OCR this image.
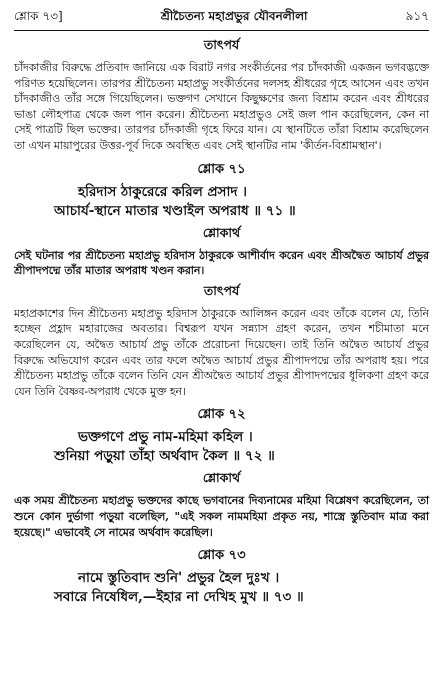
শ্লোক ৭৩]	শ্রীচৈতন্য মহাপ্রভুর যৌবনলীলা	৯১৭
তাৎপর্য

চাঁদকাজীর বিরুদ্ধে প্রতিবাদ জানিয়ে এক বিরাট নগর সংকীর্তনের পর চাঁদকাজী একজন ভগবদ্ভক্তে পরিণত হয়েছিলেন। তারপর শ্রীচৈতন্য মহাপ্রভু সংকীর্তনের দলসহ শ্রীধরের গৃহে আসেন এবং তখন চাঁদকাজীও তাঁর সঙ্গে গিয়েছিলেন। ভক্তগণ সেখানে কিছুক্ষণের জন্য বিশ্রাম করেন এবং শ্রীধরের ভাঙা লৌহপাত্র থেকে জল পান করেন। শ্রীচৈতন্য মহাপ্রভুও সেই জল পান করেছিলেন, কেন না সেই পাত্রটি ছিল ভক্তের। তারপর চাঁদকাজী গৃহে ফিরে যান। যে স্থানটিতে তাঁরা বিশ্রাম করেছিলেন তা এখন মায়াপুরের উত্তর-পূর্ব দিকে অবস্থিত এবং সেই স্থানটির নাম 'কীর্তন-বিশ্রামস্থান'।

শ্লোক ৭১

হরিদাস ঠাকুরেরে করিল প্রসাদ ।

আচার্য-স্থানে মাতার খণ্ডাইল অপরাধ ॥ ৭১ ॥

শ্লোকার্থ

সেই ঘটনার পর শ্রীচৈতন্য মহাপ্রভু হরিদাস ঠাকুরকে আশীর্বাদ করেন এবং শ্রীঅদ্বৈত আচার্য প্রভুর শ্রীপাদপদ্মে তাঁর মাতার অপরাধ খণ্ডন করান।

তাৎপর্য

মহাপ্রকাশের দিন শ্রীচৈতন্য মহাপ্রভু হরিদাস ঠাকুরকে আলিঙ্গন করেন এবং তাঁকে বলেন যে, তিনি হচ্ছেন প্রহ্লাদ মহারাজের অবতার। বিশ্বরূপ যখন সন্ন্যাস গ্রহণ করেন, তখন শচীমাতা মনে করেছিলেন যে, অদ্বৈত আচার্য প্রভু তাঁকে প্ররোচনা দিয়েছেন। তাই তিনি অদ্বৈত আচার্য প্রভুর বিরুদ্ধে অভিযোগ করেন এবং তার ফলে অদ্বৈত আচার্য প্রভুর শ্রীপাদপদ্মে তাঁর অপরাধ হয়। পরে শ্রীচৈতন্য মহাপ্রভু তাঁকে বলেন তিনি যেন শ্রীঅদ্বৈত আচার্য প্রভুর শ্রীপাদপদ্মের ধূলিকণা গ্রহণ করে যেন তিনি বৈষ্ণব-অপরাধ থেকে মুক্ত হন।

শ্লোক ৭২

ভক্তগণে প্রভু নাম-মহিমা কহিল ।

শুনিয়া পড়ুয়া তাঁহা অর্থবাদ কৈল ॥ ৭২ ॥

শ্লোকার্থ

এক সময় শ্রীচৈতন্য মহাপ্রভু ভক্তদের কাছে ভগবানের দিব্যনামের মহিমা বিশ্লেষণ করেছিলেন, তা শুনে কোন দুর্ভাগা পড়ুয়া বলেছিল, "এই সকল নামমহিমা প্রকৃত নয়, শাস্ত্রে স্তুতিবাদ মাত্র করা হয়েছে।" এভাবেই সে নামের অর্থবাদ করেছিল।

শ্লোক ৭৩

নামে স্তুতিবাদ শুনি' প্রভুর হৈল দুঃখ ।

সবারে নিষেধিল,—ইহার না দেখিহ মুখ ॥ ৭৩ ॥
